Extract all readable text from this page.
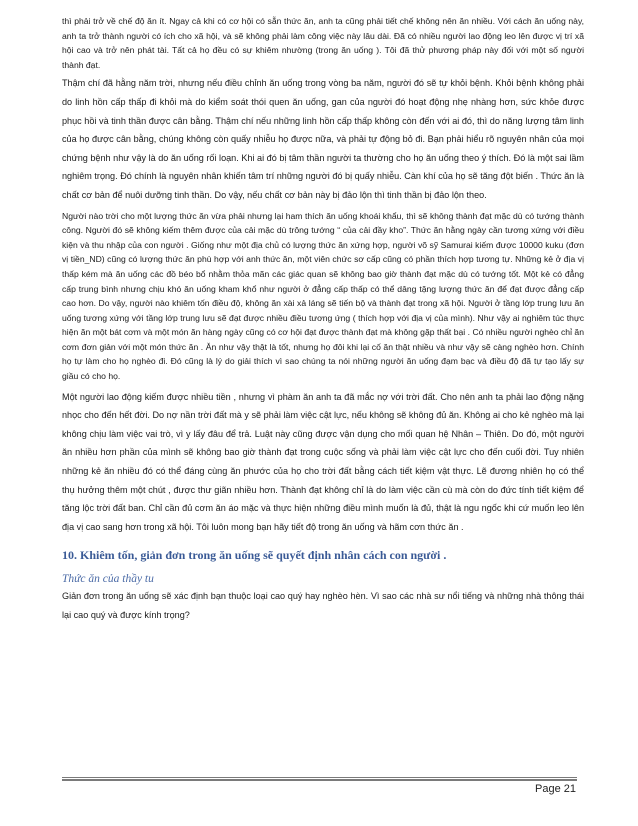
thì phải trở về chế độ ăn ít. Ngay cả khi có cơ hội có sẵn thức ăn, anh ta cũng phải tiết chế không nên ăn nhiều. Với cách ăn uống này, anh ta trở thành người có ích cho xã hội, và sẽ không phải làm công việc này lâu dài. Đã có nhiều người lao động leo lên được vị trí xã hội cao và trở nên phát tài. Tất cả họ đều có sự khiêm nhường (trong ăn uống ). Tôi đã thử phương pháp này đối với một số người thành đạt.

Thậm chí đã hằng năm trời, nhưng nếu điều chỉnh ăn uống trong vòng ba năm, người đó sẽ tự khỏi bệnh. Khỏi bệnh không phải do linh hồn cấp thấp đi khỏi mà do kiểm soát thói quen ăn uống, gan của người đó hoạt động nhẹ nhàng hơn, sức khỏe được phục hồi và tinh thần được cân bằng. Thậm chí nếu những linh hồn cấp thấp không còn đến với ai đó, thì do năng lượng tâm linh của họ được cân bằng, chúng không còn quấy nhiễu họ được nữa, và phải tự động bỏ đi. Bạn phải hiểu rõ nguyên nhân của mọi chứng bệnh như vậy là do ăn uống rối loạn. Khi ai đó bị tâm thần người ta thường cho họ ăn uống theo ý thích. Đó là một sai lầm nghiêm trọng. Đó chính là nguyên nhân khiến tâm trí những người đó bị quấy nhiễu. Càn khí của họ sẽ tăng đột biến . Thức ăn là chất cơ bản để nuôi dưỡng tinh thần. Do vậy, nếu chất cơ bản này bị đảo lộn thì tinh thần bị đảo lộn theo.

Người nào trời cho một lượng thức ăn vừa phải nhưng lại ham thích ăn uống khoái khẩu, thì sẽ không thành đạt mặc dù có tướng thành công. Người đó sẽ không kiếm thêm được của cải mặc dù trông tướng “ của cải đầy kho”. Thức ăn hằng ngày cần tương xứng với điều kiện và thu nhập của con người . Giống như một địa chủ có lượng thức ăn xứng hợp, người võ sỹ Samurai kiếm được 10000 kuku (đơn vị tiền_ND) cũng có lượng thức ăn phù hợp với anh thức ăn, một viên chức sơ cấp cũng có phần thích hợp tương tự. Những kẻ ở địa vị thấp kém mà ăn uống các đồ béo bổ nhằm thỏa mãn các giác quan sẽ không bao giờ thành đạt mặc dù có tướng tốt. Một kẻ có đẳng cấp trung bình nhưng chịu khó ăn uống kham khổ như người ở đẳng cấp thấp có thể dâng tặng lượng thức ăn để đạt được đẳng cấp cao hơn. Do vậy, người nào khiêm tốn điều độ, không ăn xài xả láng sẽ tiến bộ và thành đạt trong xã hội. Người ở tầng lớp trung lưu ăn uống tương xứng với tầng lớp trung lưu sẽ đạt được nhiều điều tương ứng ( thích hợp với địa vị của mình). Như vậy ai nghiêm túc thực hiện ăn một bát cơm và một món ăn hàng ngày cũng có cơ hội đạt được thành đạt mà không gặp thất bại . Có nhiều người nghèo chỉ ăn cơm đơn giản với một món thức ăn . Ăn như vậy thật là tốt, nhưng họ đôi khi lại cố ăn thật nhiều và như vậy sẽ càng nghèo hơn. Chính họ tự làm cho họ nghèo đi. Đó cũng là lý do giải thích vì sao chúng ta nói những người ăn uống đạm bạc và điều độ đã tự tạo lấy sự giầu có cho họ.

Một người lao động kiếm được nhiều tiền , nhưng vì phàm ăn anh ta đã mắc nợ với trời đất. Cho nên anh ta phải lao động nặng nhọc cho đến hết đời. Do nợ nần trời đất mà y sẽ phải làm việc cật lực, nếu không sẽ không đủ ăn. Không ai cho kẻ nghèo mà lại không chịu làm việc vai trò, vì y lấy đâu để trả. Luật này cũng được vận dụng cho mối quan hệ Nhân – Thiên. Do đó, một người ăn nhiều hơn phần của mình sẽ không bao giờ thành đạt trong cuộc sống và phải làm việc cật lực cho đến cuối đời. Tuy nhiên những kẻ ăn nhiều đó có thể đáng cùng ăn phước của họ cho trời đất bằng cách tiết kiệm vật thực. Lẽ đương nhiên họ có thể thụ hưởng thêm một chút , được thư giãn nhiều hơn. Thành đạt không chỉ là do làm việc cần cù mà còn do đức tính tiết kiệm để tăng lộc trời đất ban. Chỉ cần đủ cơm ăn áo mặc và thực hiện những điều mình muốn là đủ, thật là ngu ngốc khi cứ muốn leo lên địa vị cao sang hơn trong xã hội. Tôi luôn mong bạn hãy tiết độ trong ăn uống và hãm cơn thức ăn .

10. Khiêm tốn, giản đơn trong ăn uống sẽ quyết định nhân cách con người .
Thức ăn của thầy tu

Giản đơn trong ăn uống sẽ xác định bạn thuộc loại cao quý hay nghèo hèn. Vì sao các nhà sư nổi tiếng và những nhà thông thái lại cao quý và được kính trọng?

Page 21
